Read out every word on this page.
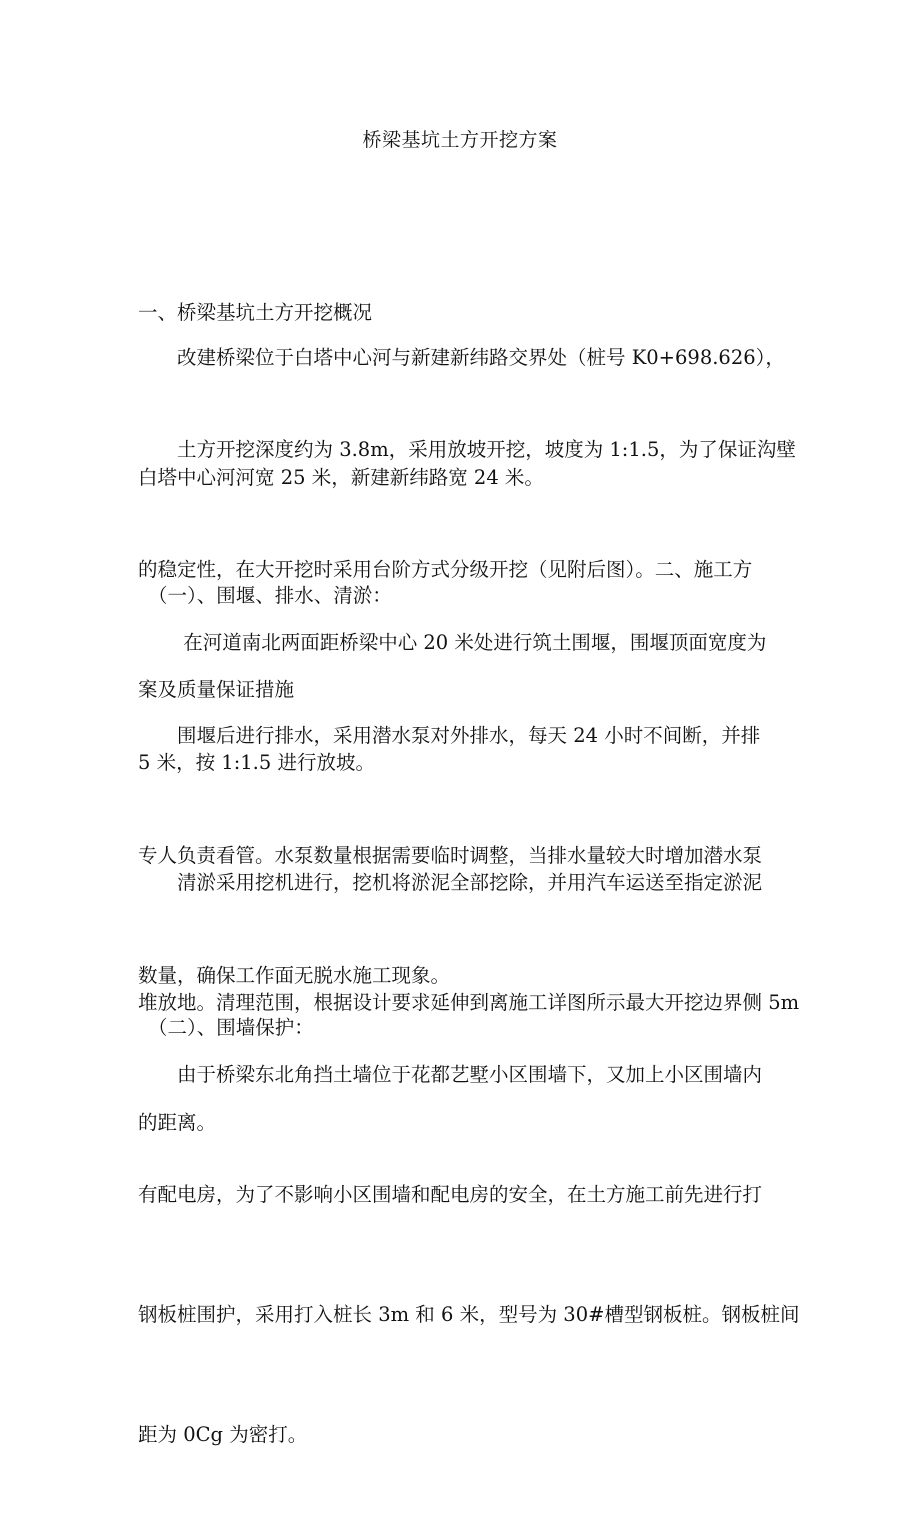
桥梁基坑土方开挖方案

一、桥梁基坑土方开挖概况

改建桥梁位于白塔中心河与新建新纬路交界处（桩号 K0+698.626），

白塔中心河河宽 25 米，新建新纬路宽 24 米。

土方开挖深度约为 3.8m，采用放坡开挖，坡度为 1:1.5，为了保证沟壁

的稳定性，在大开挖时采用台阶方式分级开挖（见附后图）。二、施工方

案及质量保证措施

（一）、围堰、排水、清淤：

在河道南北两面距桥梁中心 20 米处进行筑土围堰，围堰顶面宽度为

5 米，按 1:1.5 进行放坡。

围堰后进行排水，采用潜水泵对外排水，每天 24 小时不间断，并排

专人负责看管。水泵数量根据需要临时调整，当排水量较大时增加潜水泵

数量，确保工作面无脱水施工现象。

清淤采用挖机进行，挖机将淤泥全部挖除，并用汽车运送至指定淤泥

堆放地。清理范围，根据设计要求延伸到离施工详图所示最大开挖边界侧 5m

的距离。

（二）、围墙保护：

由于桥梁东北角挡土墙位于花都艺墅小区围墙下，又加上小区围墙内

有配电房，为了不影响小区围墙和配电房的安全，在土方施工前先进行打

钢板桩围护，采用打入桩长 3m 和 6 米，型号为 30#槽型钢板桩。钢板桩间

距为 0Cg 为密打。
